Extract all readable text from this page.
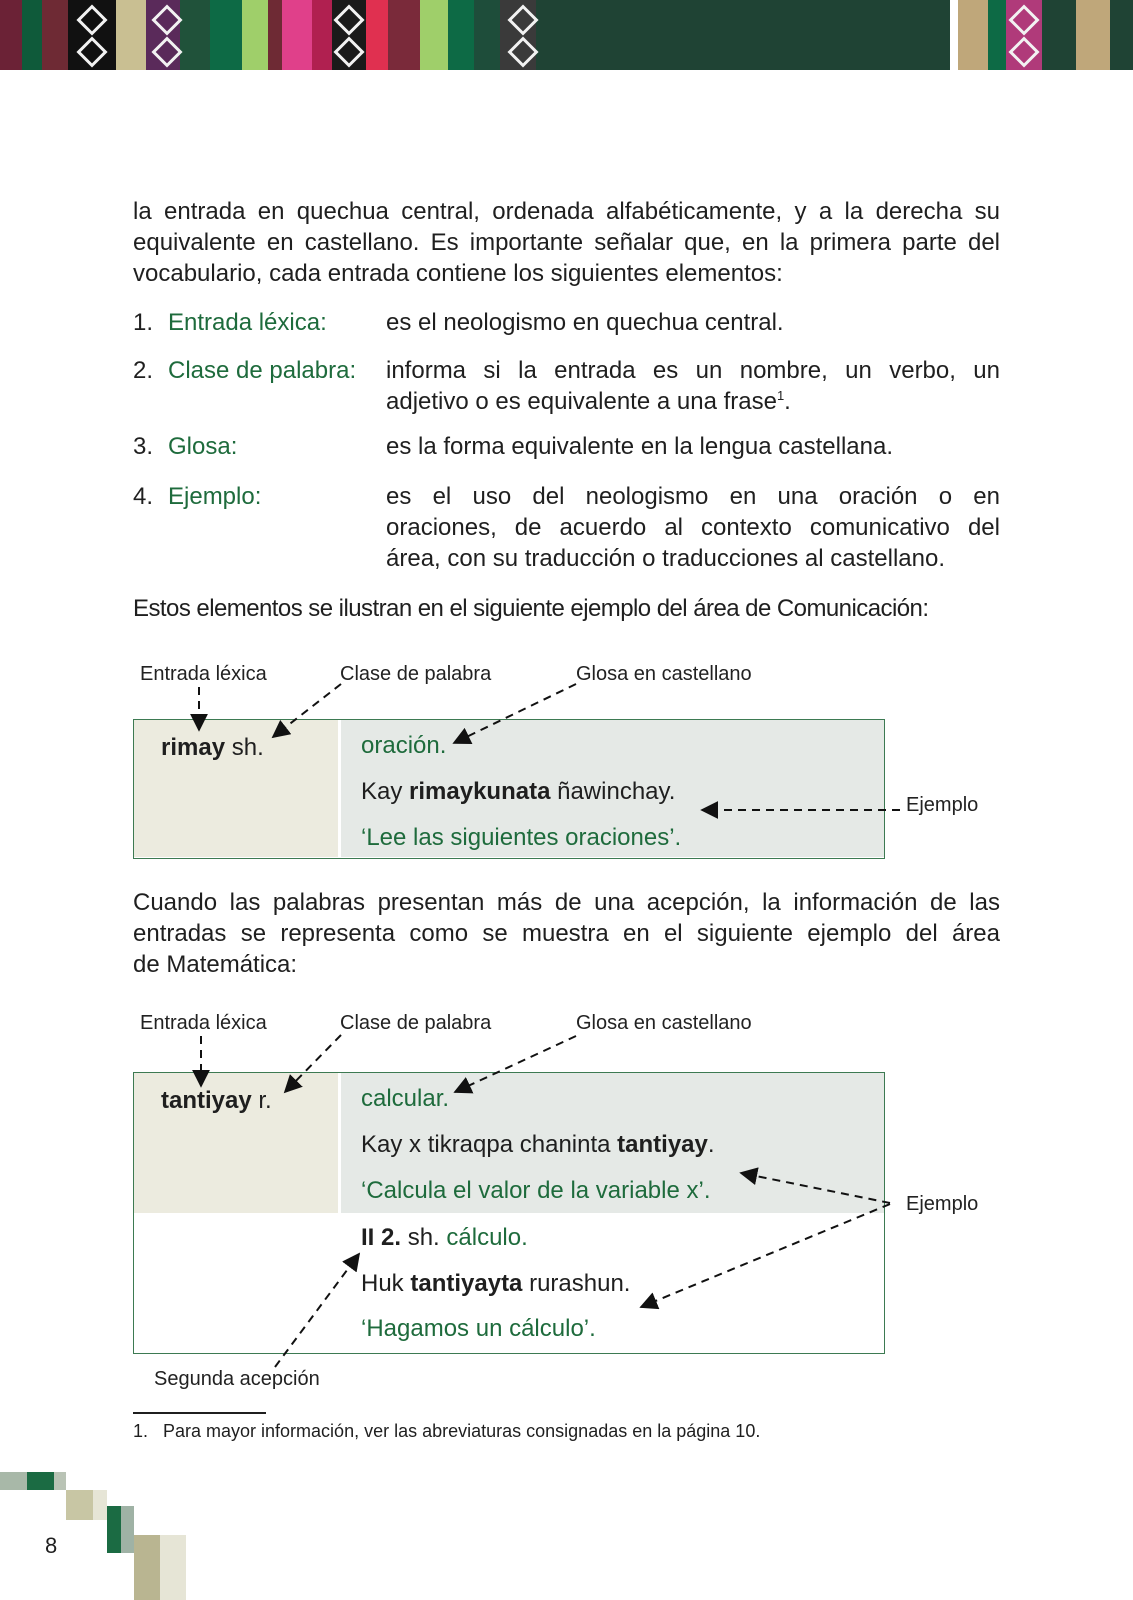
la entrada en quechua central, ordenada alfabéticamente, y a la derecha su

equivalente en castellano. Es importante señalar que, en la primera parte del

vocabulario, cada entrada contiene los siguientes elementos:

1. Entrada léxica: es el neologismo en quechua central.
2. Clase de palabra: informa si la entrada es un nombre, un verbo, un
adjetivo o es equivalente a una frase$^1$.
3. Glosa:	es la forma equivalente en la lengua castellana.
4. Ejemplo:	es el uso del neologismo en una oración o en
oraciones, de acuerdo al contexto comunicativo del
área, con su traducción o traducciones al castellano.
Estos elementos se ilustran en el siguiente ejemplo del área de Comunicación:
Entrada léxica	Clase de palabra	Glosa en castellano
Ejemplo
rimay sh.	oración.
Kay rimaykunata ñawinchay.
‘Lee las siguientes oraciones’.

Cuando las palabras presentan más de una acepción, la información de las

entradas se representa como se muestra en el siguiente ejemplo del área

de Matemática:

Entrada léxica	Clase de palabra	Glosa en castellano
Ejemplo
Segunda acepción
tantiyay r.	calcular.
Kay x tikraqpa chaninta tantiyay.
‘Calcula el valor de la variable x’.
II 2. sh. cálculo.
Huk tantiyayta rurashun.
‘Hagamos un cálculo’.
1. Para mayor información, ver las abreviaturas consignadas en la página 10.
8
